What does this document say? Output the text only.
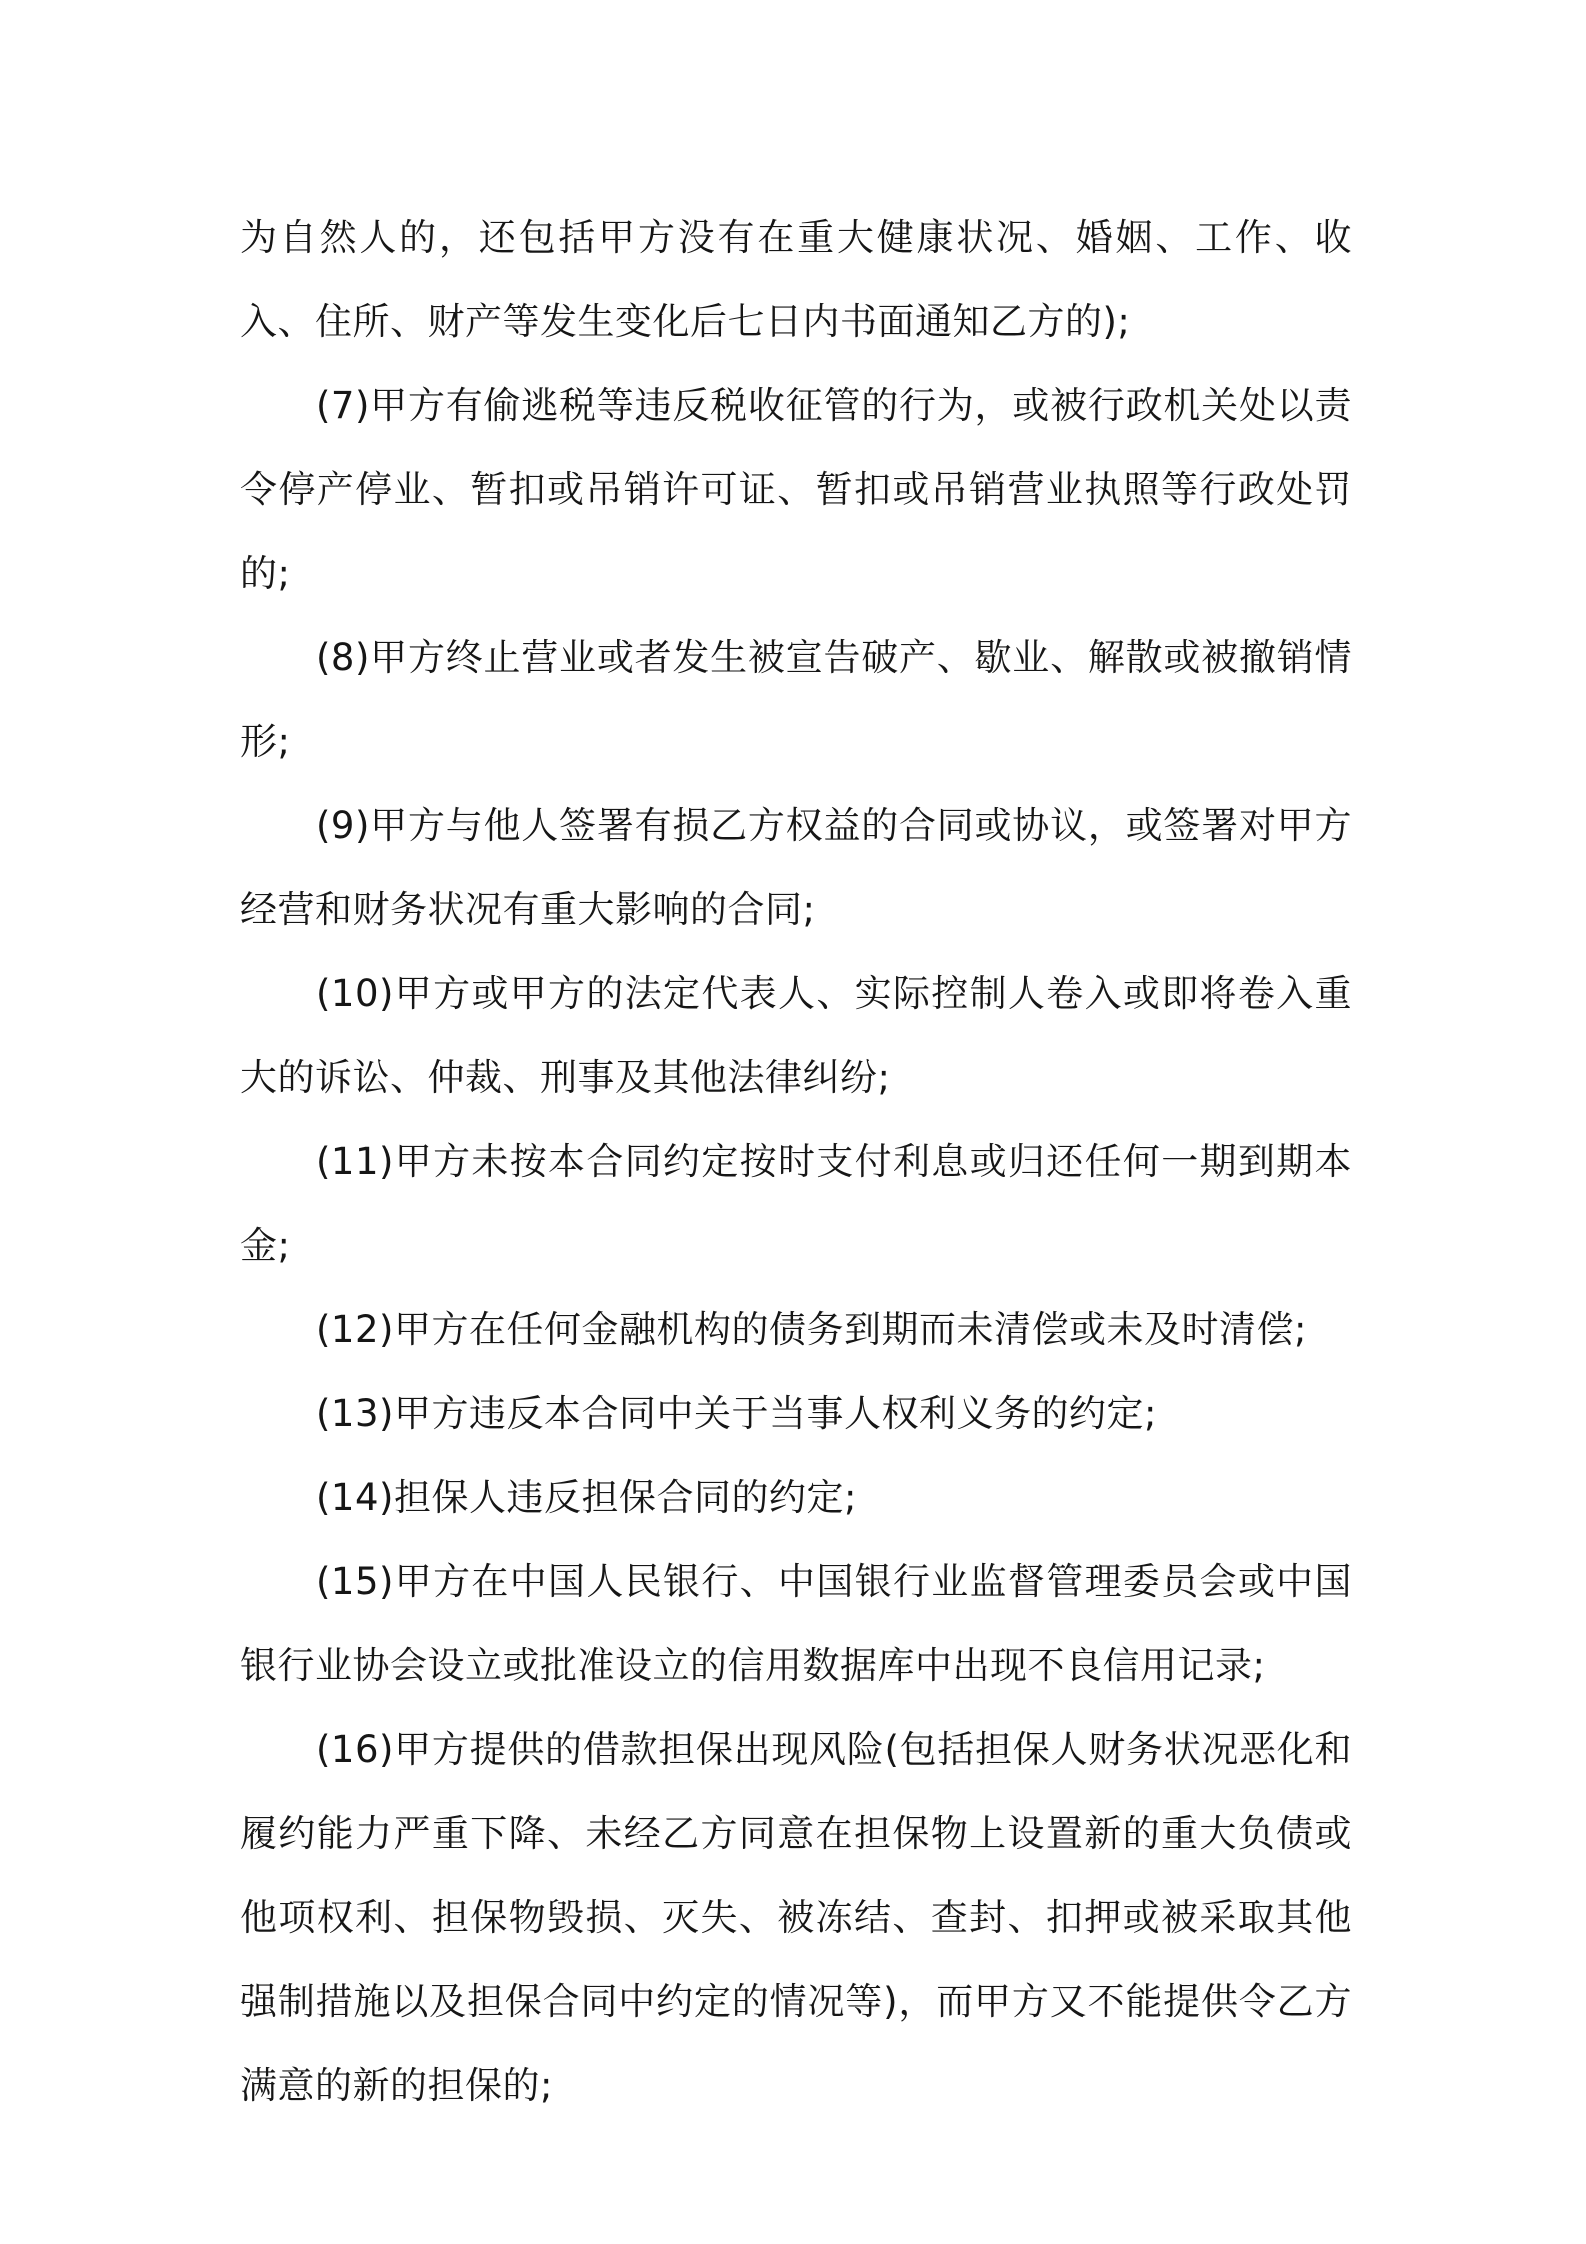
为自然人的，还包括甲方没有在重大健康状况、婚姻、工作、收入、住所、财产等发生变化后七日内书面通知乙方的);

(7)甲方有偷逃税等违反税收征管的行为，或被行政机关处以责令停产停业、暂扣或吊销许可证、暂扣或吊销营业执照等行政处罚的;

(8)甲方终止营业或者发生被宣告破产、歇业、解散或被撤销情形;

(9)甲方与他人签署有损乙方权益的合同或协议，或签署对甲方经营和财务状况有重大影响的合同;

(10)甲方或甲方的法定代表人、实际控制人卷入或即将卷入重大的诉讼、仲裁、刑事及其他法律纠纷;

(11)甲方未按本合同约定按时支付利息或归还任何一期到期本金;

(12)甲方在任何金融机构的债务到期而未清偿或未及时清偿;

(13)甲方违反本合同中关于当事人权利义务的约定;

(14)担保人违反担保合同的约定;

(15)甲方在中国人民银行、中国银行业监督管理委员会或中国银行业协会设立或批准设立的信用数据库中出现不良信用记录;

(16)甲方提供的借款担保出现风险(包括担保人财务状况恶化和履约能力严重下降、未经乙方同意在担保物上设置新的重大负债或他项权利、担保物毁损、灭失、被冻结、查封、扣押或被采取其他强制措施以及担保合同中约定的情况等)，而甲方又不能提供令乙方满意的新的担保的;
